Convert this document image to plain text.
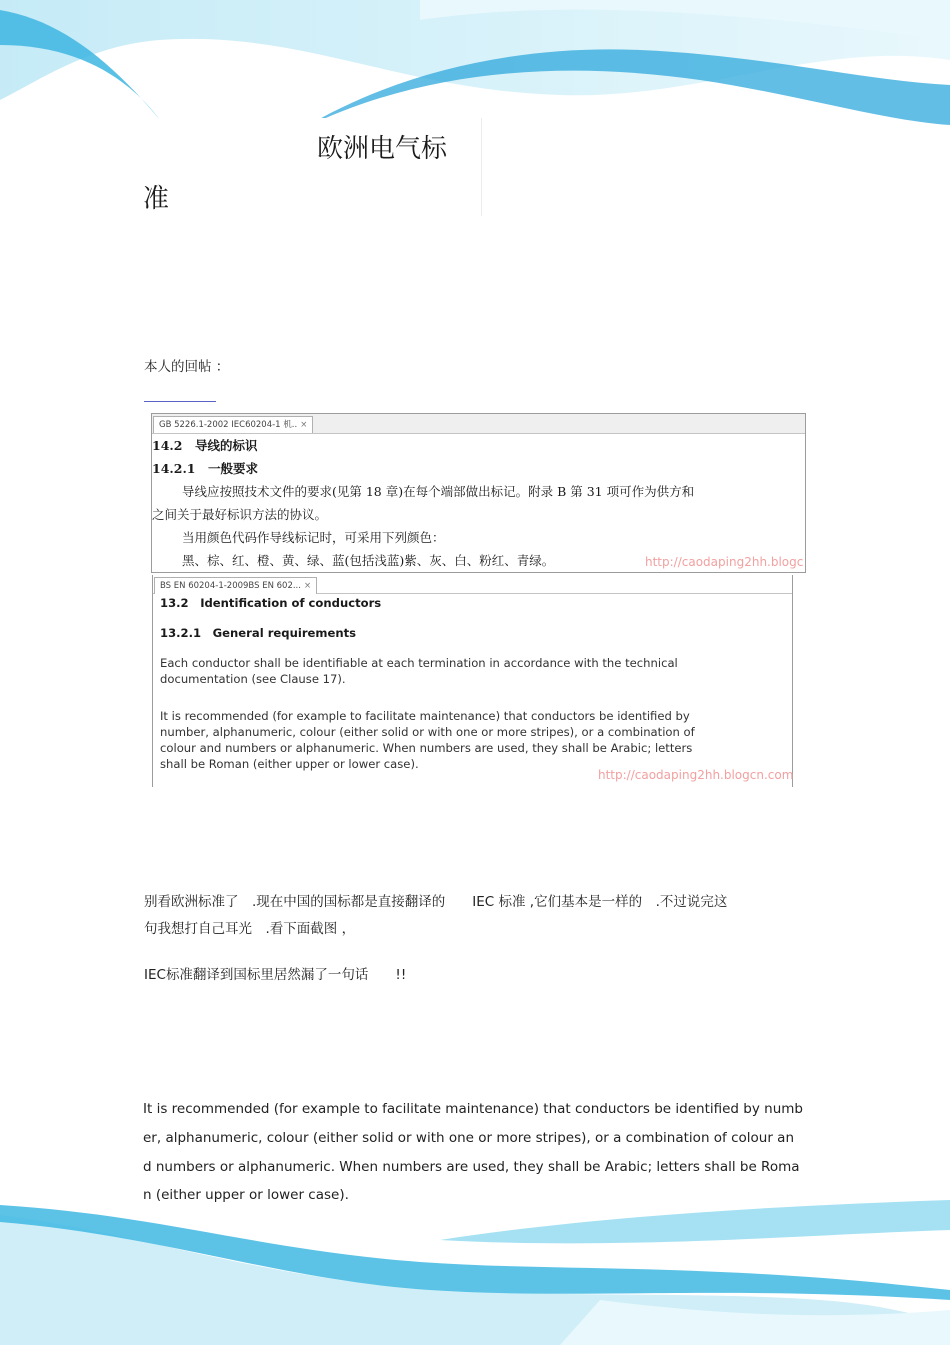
欧洲电气标
准
本人的回帖 ：
GB 5226.1-2002 IEC60204-1 机.. ×
14.2　导线的标识
14.2.1　一般要求
导线应按照技术文件的要求(见第 18 章)在每个端部做出标记。附录 B 第 31 项可作为供方和
之间关于最好标识方法的协议。
当用颜色代码作导线标记时，可采用下列颜色：
黑、棕、红、橙、黄、绿、蓝(包括浅蓝)紫、灰、白、粉红、青绿。	http://caodaping2hh.blogc
BS EN 60204-1-2009BS EN 602... ×
13.2　Identification of conductors
13.2.1　General requirements
Each conductor shall be identifiable at each termination in accordance with the technical
documentation (see Clause 17).
It is recommended (for example to facilitate maintenance) that conductors be identified by
number, alphanumeric, colour (either solid or with one or more stripes), or a combination of
colour and numbers or alphanumeric. When numbers are used, they shall be Arabic; letters
shall be Roman (either upper or lower case).
http://caodaping2hh.blogcn.com
别看欧洲标准了　.现在中国的国标都是直接翻译的　　IEC 标准 ,它们基本是一样的　.不过说完这
句我想打自己耳光　.看下面截图 ，
IEC标准翻译到国标里居然漏了一句话　　!!
It is recommended (for example to facilitate maintenance) that conductors be identified by numb
er, alphanumeric, colour (either solid or with one or more stripes), or a combination of colour an
d numbers or alphanumeric. When numbers are used, they shall be Arabic; letters shall be Roma
n (either upper or lower case).
